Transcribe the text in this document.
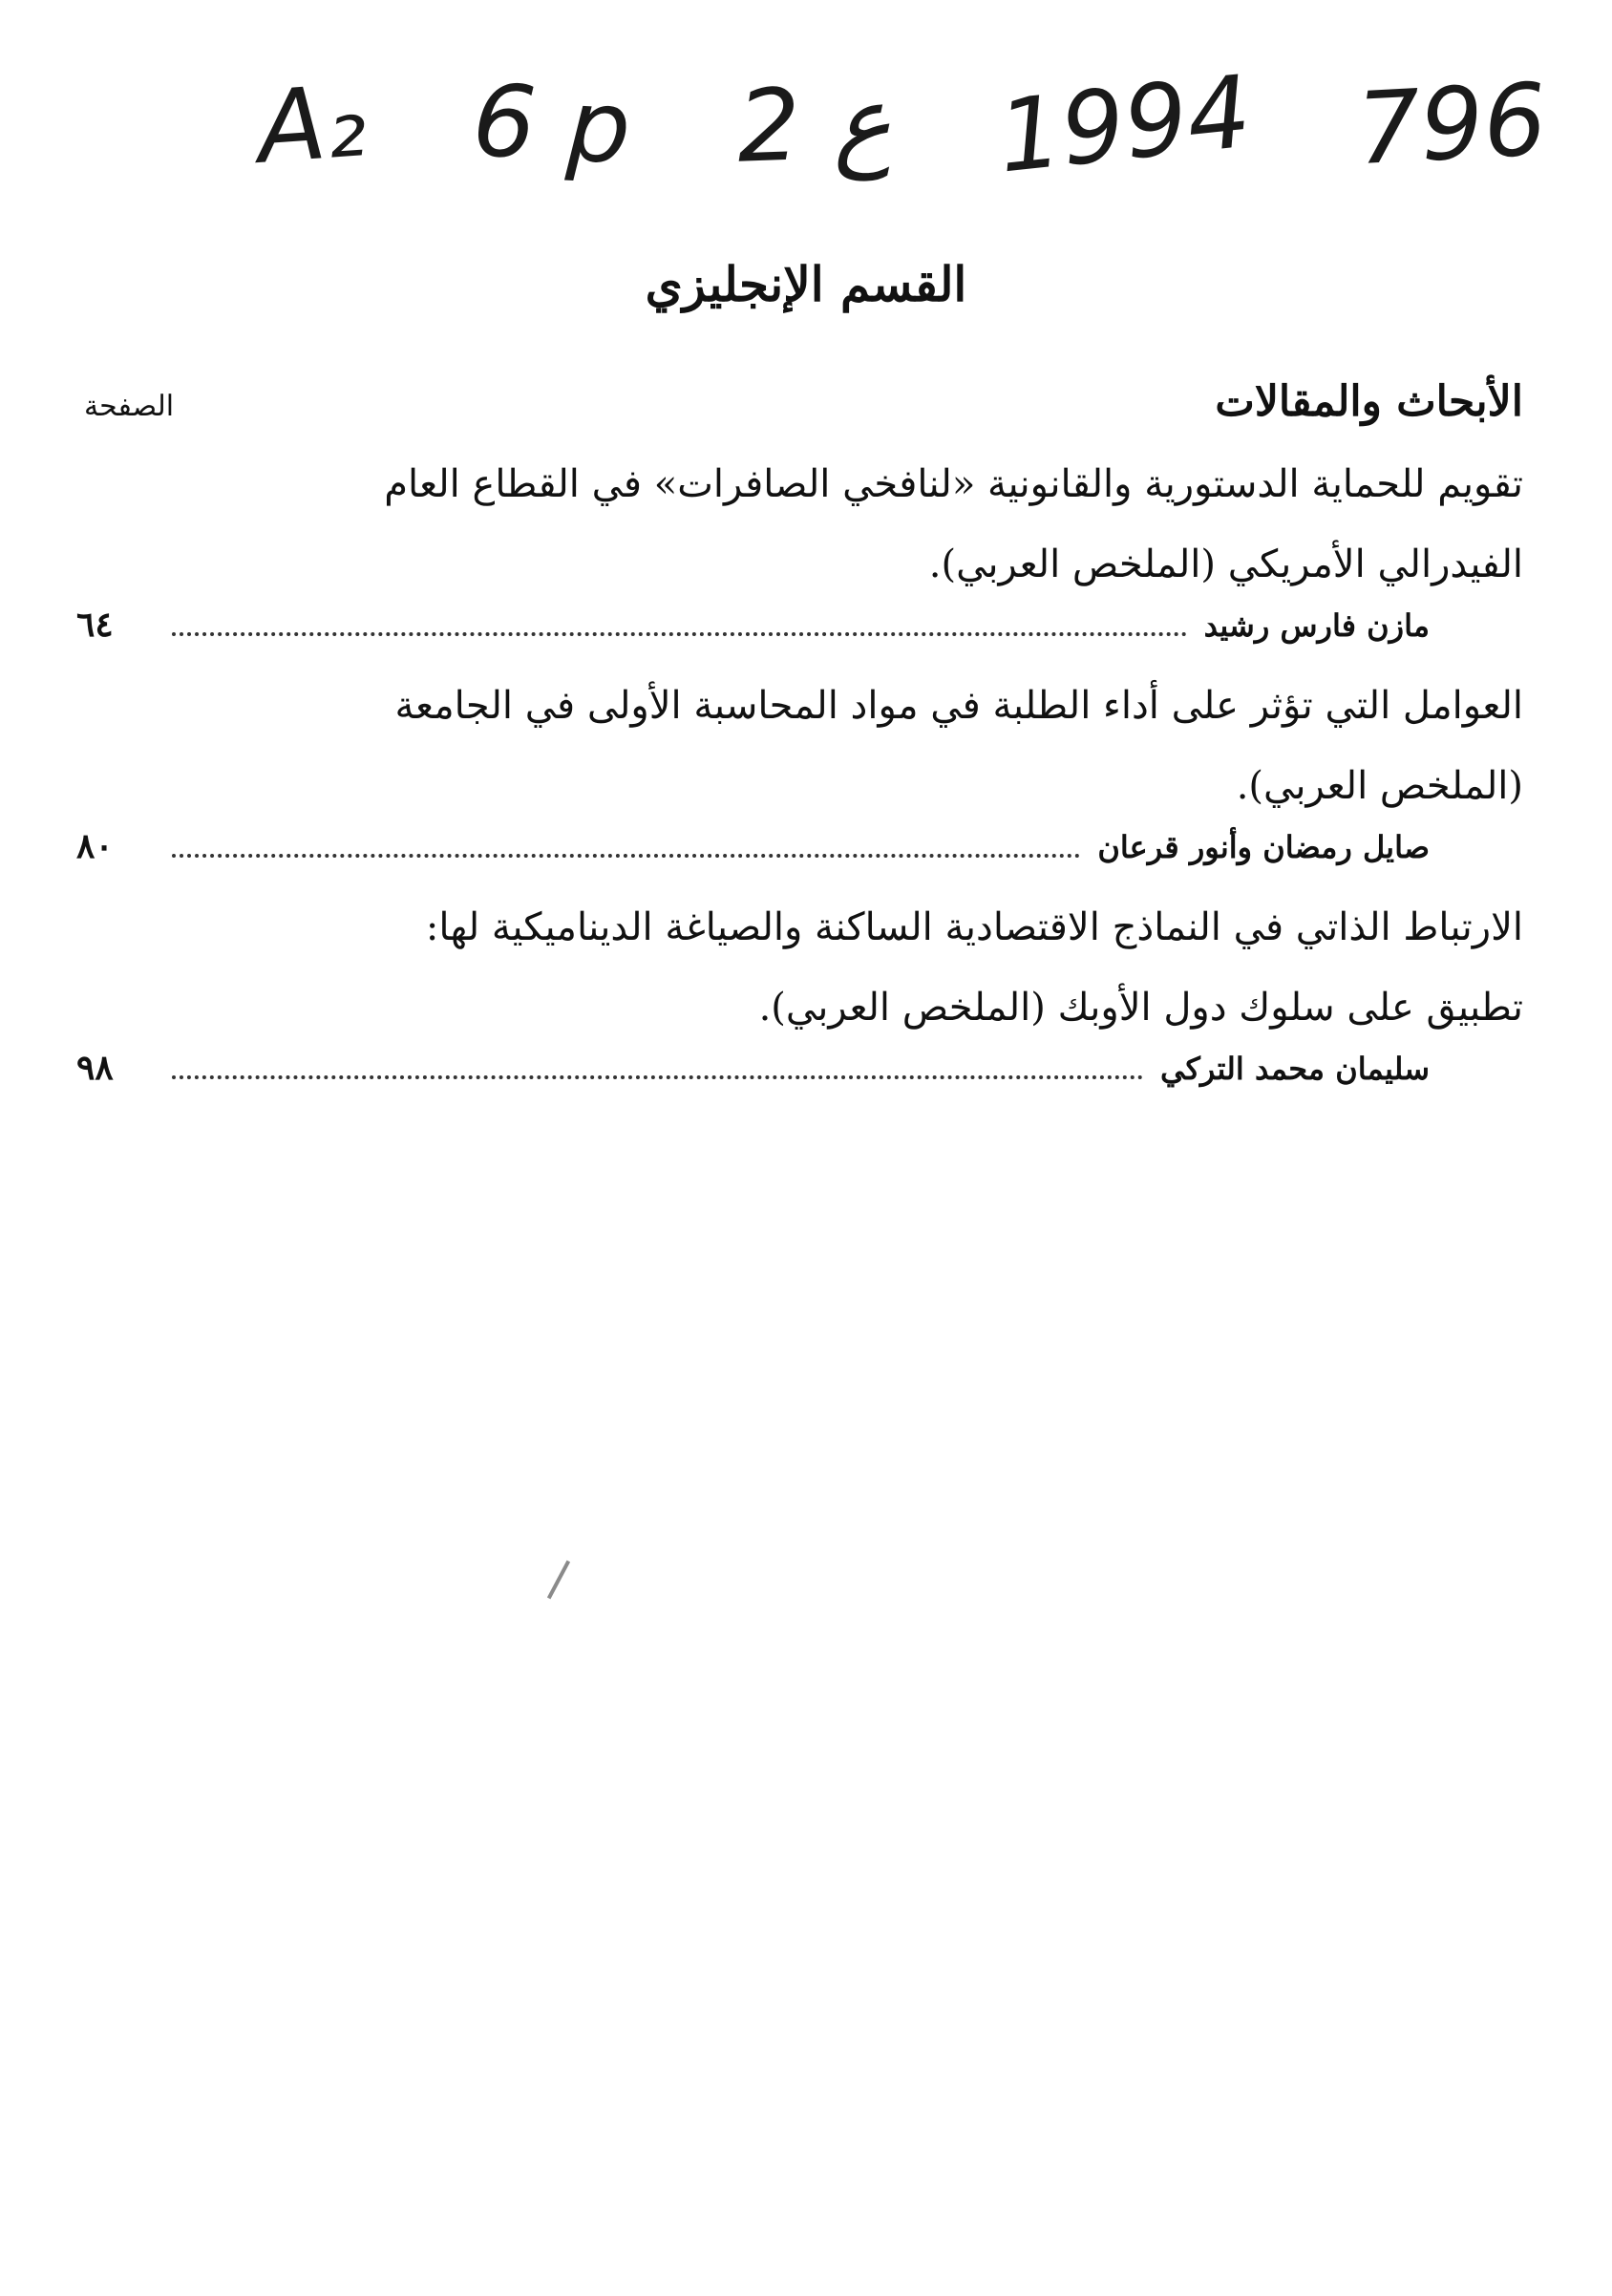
A₂ 6 p 2 ع 1994 796
القسم الإنجليزي
الأبحاث والمقالات
الصفحة
تقويم للحماية الدستورية والقانونية «لنافخي الصافرات» في القطاع العام
الفيدرالي الأمريكي (الملخص العربي).
مازن فارس رشيد
٦٤
العوامل التي تؤثر على أداء الطلبة في مواد المحاسبة الأولى في الجامعة
(الملخص العربي).
صايل رمضان وأنور قرعان
٨٠
الارتباط الذاتي في النماذج الاقتصادية الساكنة والصياغة الديناميكية لها:
تطبيق على سلوك دول الأوبك (الملخص العربي).
سليمان محمد التركي
٩٨
